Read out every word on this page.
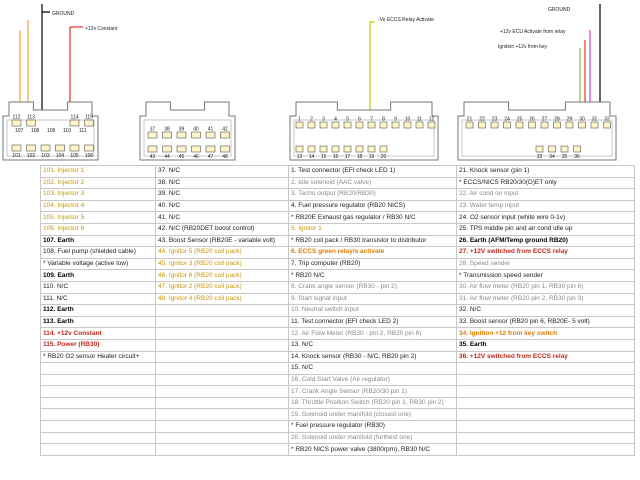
GROUND
+12v Constant
-Ve ECCS Relay Activate
GROUND
+12v ECU Activate from relay
Ignition +12v from key
112 113	114 115
101 102 103 104 105 106
107 108 109 110 111	37 38 39 40 41 42
43 44 45 46 47 48
1 2 3 4 5 6 7 8 9 10 11 12
13 14 15 16 17 18 19 20
21 22 23 24 25 26 27 28 29 30 31 32
33 34 35 36
101. Injector 1	37. N/C	1. Test connector (EFI check LED 1)	21. Knock sensor (pin 1)
102. Injector 2	38. N/C	2. Idle solenoid (AAC valve)	* ECCS/NICS RB20/30(D)ET only
103. Injector 3	39. N/C	3. Tacho output (RB20/RB30)	22. Air cond on input
104. Injector 4	40. N/C	4. Fuel pressure regulator (RB20 NICS)	23. Water temp input
105. Injector 5	41. N/C	* RB20E Exhaust gas regulator / RB30 N/C	24. O2 sensor input (white wire 0-1v)
106. Injector 6	42. N/C (RB20DET boost control)	5. Ignitor 1	25. TPS middle pin and air cond idle up
107. Earth	43. Boost Sensor (RB20E - variable volt)	* RB20 coil pack / RB30 transistor to distributor	26. Earth (AFM/Temp ground RB20)
108. Fuel pump (shielded cable)	44. Ignitor 5 (RB20 coil pack)	6. ECCS green relay/s activate	27. +12V switched from ECCS relay
* Variable voltage (active low)	45. Ignitor 3 (RB20 coil pack)	7. Trip computer (RB20)	28. Speed sender
109. Earth	46. Ignitor 6 (RB20 coil pack)	* RB20 N/C	* Transmission speed sender
110. N/C	47. Ignitor 2 (RB20 coil pack)	8. Crank angle sensor (RB30 - pin 2)	30. Air flow meter (RB20 pin 1, RB30 pin 6)
111. N/C	48. Ignitor 4 (RB20 coil pack)	9. Start signal input	31. Air flow meter (RB20 pin 2, RB30 pin 3)
112. Earth		10. Neutral switch input	32. N/C
113. Earth		11. Test connector (EFI check LED 2)	33. Boost sensor (RB20 pin 6, RB20E- 5 volt)
114. +12v Constant		12. Air Flow Meter (RB30 - pin 2, RB20 pin 6)	34. Ignition +12 from key switch
115. Power (RB30)		13. N/C	35. Earth
* RB20 O2 sensor Heater circuit+		14. Knock sensor (RB30 - N/C, RB20 pin 2)	36. +12V switched from ECCS relay
		15. N/C	
		16. Cold Start Valve (Air regulator)	
		17. Crank Angle Sensor (RB20/30 pin 1)	
		18. Throttle Position Switch (RB20 pin 1, RB30 pin 2)	
		19. Solenoid under manifold (closest one)	
		* Fuel pressure regulator (RB30)	
		20. Solenoid under manifold (furthest one)	
		* RB20 NICS power valve (3800rpm), RB30 N/C	
